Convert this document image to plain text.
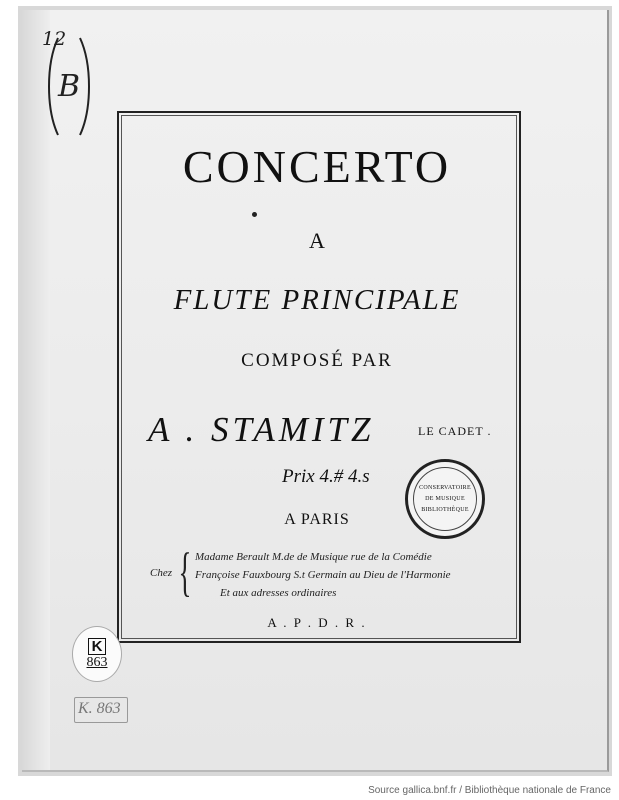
B
12
CONCERTO
A
FLUTE PRINCIPALE
COMPOSÉ PAR
A . STAMITZ	LE CADET .
Prix 4.# 4.s
A PARIS
Chez { Madame Berault M.de de Musique rue de la Comédie
Françoise Fauxbourg S.t Germain au Dieu de l'Harmonie
Et aux adresses ordinaires
A . P . D . R .
CONSERVATOIRE
DE MUSIQUE
BIBLIOTHÈQUE
K
863
K. 863
Source gallica.bnf.fr / Bibliothèque nationale de France
